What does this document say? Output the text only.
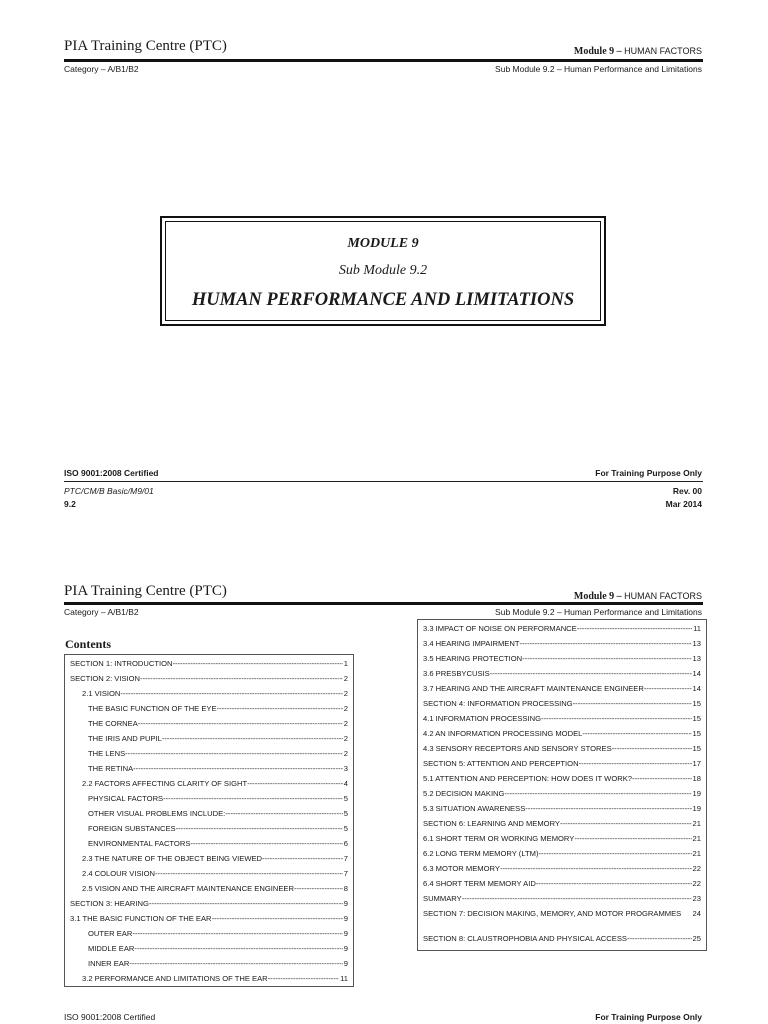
PIA Training Centre (PTC)	Module 9 – HUMAN FACTORS
Category – A/B1/B2	Sub Module 9.2 – Human Performance and Limitations
MODULE 9
Sub Module 9.2
HUMAN PERFORMANCE AND LIMITATIONS
ISO 9001:2008 Certified	For Training Purpose Only
PTC/CM/B Basic/M9/01	Rev. 00
9.2	Mar 2014
PIA Training Centre (PTC)	Module 9 – HUMAN FACTORS
Category – A/B1/B2	Sub Module 9.2 – Human Performance and Limitations
Contents
SECTION 1: INTRODUCTION -----	1
SECTION 2: VISION -----	2
2.1 VISION -----	2
THE BASIC FUNCTION OF THE EYE -----	2
THE CORNEA -----	2
THE IRIS AND PUPIL -----	2
THE LENS -----	2
THE RETINA -----	3
2.2 FACTORS AFFECTING CLARITY OF SIGHT -----	4
PHYSICAL FACTORS -----	5
OTHER VISUAL PROBLEMS INCLUDE: -----	5
FOREIGN SUBSTANCES -----	5
ENVIRONMENTAL FACTORS -----	6
2.3 THE NATURE OF THE OBJECT BEING VIEWED -----	7
2.4 COLOUR VISION -----	7
2.5 VISION AND THE AIRCRAFT MAINTENANCE ENGINEER -----	8
SECTION 3: HEARING -----	9
3.1 THE BASIC FUNCTION OF THE EAR -----	9
OUTER EAR -----	9
MIDDLE EAR -----	9
INNER EAR -----	9
3.2 PERFORMANCE AND LIMITATIONS OF THE EAR -----	11
3.3 IMPACT OF NOISE ON PERFORMANCE -----	11
3.4 HEARING IMPAIRMENT -----	13
3.5 HEARING PROTECTION -----	13
3.6 PRESBYCUSIS -----	14
3.7 HEARING AND THE AIRCRAFT MAINTENANCE ENGINEER -----	14
SECTION 4: INFORMATION PROCESSING -----	15
4.1 INFORMATION PROCESSING -----	15
4.2 AN INFORMATION PROCESSING MODEL -----	15
4.3 SENSORY RECEPTORS AND SENSORY STORES -----	15
SECTION 5: ATTENTION AND PERCEPTION -----	17
5.1 ATTENTION AND PERCEPTION: HOW DOES IT WORK? -----	18
5.2 DECISION MAKING -----	19
5.3 SITUATION AWARENESS -----	19
SECTION 6: LEARNING AND MEMORY -----	21
6.1 SHORT TERM OR WORKING MEMORY -----	21
6.2 LONG TERM MEMORY (LTM) -----	21
6.3 MOTOR MEMORY -----	22
6.4 SHORT TERM MEMORY AID -----	22
SUMMARY -----	23
SECTION 7: DECISION MAKING, MEMORY, AND MOTOR PROGRAMMES 24
SECTION 8: CLAUSTROPHOBIA AND PHYSICAL ACCESS -----	25
ISO 9001:2008 Certified	For Training Purpose Only
